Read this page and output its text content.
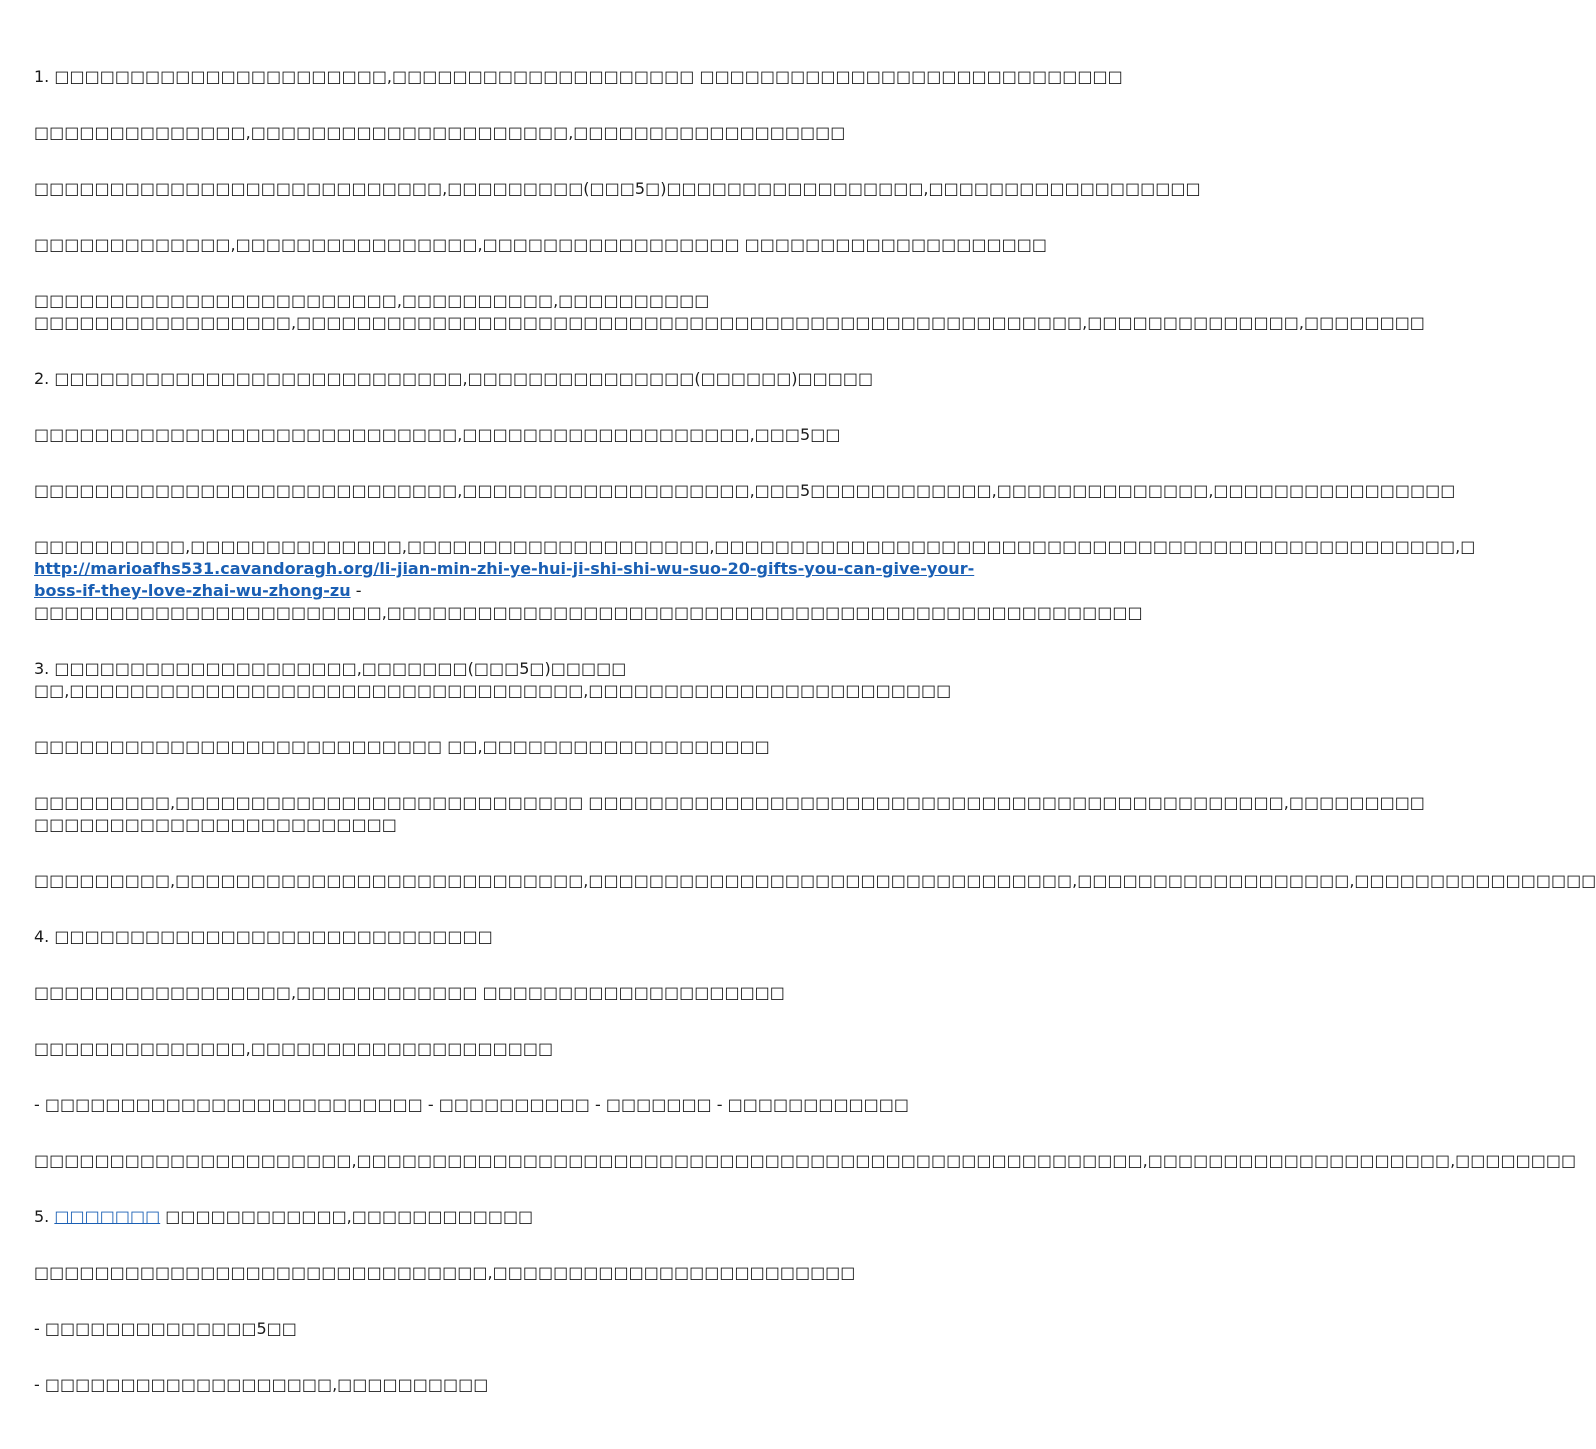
1. □□□□□□□□□□□□□□□□□□□□□□,□□□□□□□□□□□□□□□□□□□□ □□□□□□□□□□□□□□□□□□□□□□□□□□□□

□□□□□□□□□□□□□□,□□□□□□□□□□□□□□□□□□□□□,□□□□□□□□□□□□□□□□□□

□□□□□□□□□□□□□□□□□□□□□□□□□□□,□□□□□□□□□(□□□5□)□□□□□□□□□□□□□□□□□,□□□□□□□□□□□□□□□□□□

□□□□□□□□□□□□□,□□□□□□□□□□□□□□□□,□□□□□□□□□□□□□□□□□ □□□□□□□□□□□□□□□□□□□□

□□□□□□□□□□□□□□□□□□□□□□□□,□□□□□□□□□□,□□□□□□□□□□
□□□□□□□□□□□□□□□□□,□□□□□□□□□□□□□□□□□□□□□□□□□□□□□□□□□□□□□□□□□□□□□□□□□□□□,□□□□□□□□□□□□□□,□□□□□□□□

2. □□□□□□□□□□□□□□□□□□□□□□□□□□□,□□□□□□□□□□□□□□□(□□□□□□)□□□□□

□□□□□□□□□□□□□□□□□□□□□□□□□□□□,□□□□□□□□□□□□□□□□□□□,□□□5□□

□□□□□□□□□□□□□□□□□□□□□□□□□□□□,□□□□□□□□□□□□□□□□□□□,□□□5□□□□□□□□□□□□,□□□□□□□□□□□□□□,□□□□□□□□□□□□□□□□

□□□□□□□□□□,□□□□□□□□□□□□□□,□□□□□□□□□□□□□□□□□□□□,□□□□□□□□□□□□□□□□□□□□□□□□□□□□□□□□□□□□□□□□□□□□□□□□□,□
http://marioafhs531.cavandoragh.org/li-jian-min-zhi-ye-hui-ji-shi-shi-wu-suo-20-gifts-you-can-give-your-
boss-if-they-love-zhai-wu-zhong-zu -
□□□□□□□□□□□□□□□□□□□□□□□,□□□□□□□□□□□□□□□□□□□□□□□□□□□□□□□□□□□□□□□□□□□□□□□□□□
3. □□□□□□□□□□□□□□□□□□□□,□□□□□□□(□□□5□)□□□□□
□□,□□□□□□□□□□□□□□□□□□□□□□□□□□□□□□□□□□,□□□□□□□□□□□□□□□□□□□□□□□□

□□□□□□□□□□□□□□□□□□□□□□□□□□□ □□,□□□□□□□□□□□□□□□□□□□

□□□□□□□□□,□□□□□□□□□□□□□□□□□□□□□□□□□□□ □□□□□□□□□□□□□□□□□□□□□□□□□□□□□□□□□□□□□□□□□□□□□□,□□□□□□□□□
□□□□□□□□□□□□□□□□□□□□□□□□

□□□□□□□□□,□□□□□□□□□□□□□□□□□□□□□□□□□□□,□□□□□□□□□□□□□□□□□□□□□□□□□□□□□□□□,□□□□□□□□□□□□□□□□□□,□□□□□□□□□□□□□□□□

4. □□□□□□□□□□□□□□□□□□□□□□□□□□□□□

□□□□□□□□□□□□□□□□□,□□□□□□□□□□□□ □□□□□□□□□□□□□□□□□□□□

□□□□□□□□□□□□□□,□□□□□□□□□□□□□□□□□□□□

- □□□□□□□□□□□□□□□□□□□□□□□□□ - □□□□□□□□□□ - □□□□□□□ - □□□□□□□□□□□□

□□□□□□□□□□□□□□□□□□□□□,□□□□□□□□□□□□□□□□□□□□□□□□□□□□□□□□□□□□□□□□□□□□□□□□□□□□,□□□□□□□□□□□□□□□□□□□□,□□□□□□□□

5. □□□□□□□ □□□□□□□□□□□□,□□□□□□□□□□□□

□□□□□□□□□□□□□□□□□□□□□□□□□□□□□□,□□□□□□□□□□□□□□□□□□□□□□□□

- □□□□□□□□□□□□□□5□□

- □□□□□□□□□□□□□□□□□□□,□□□□□□□□□□
